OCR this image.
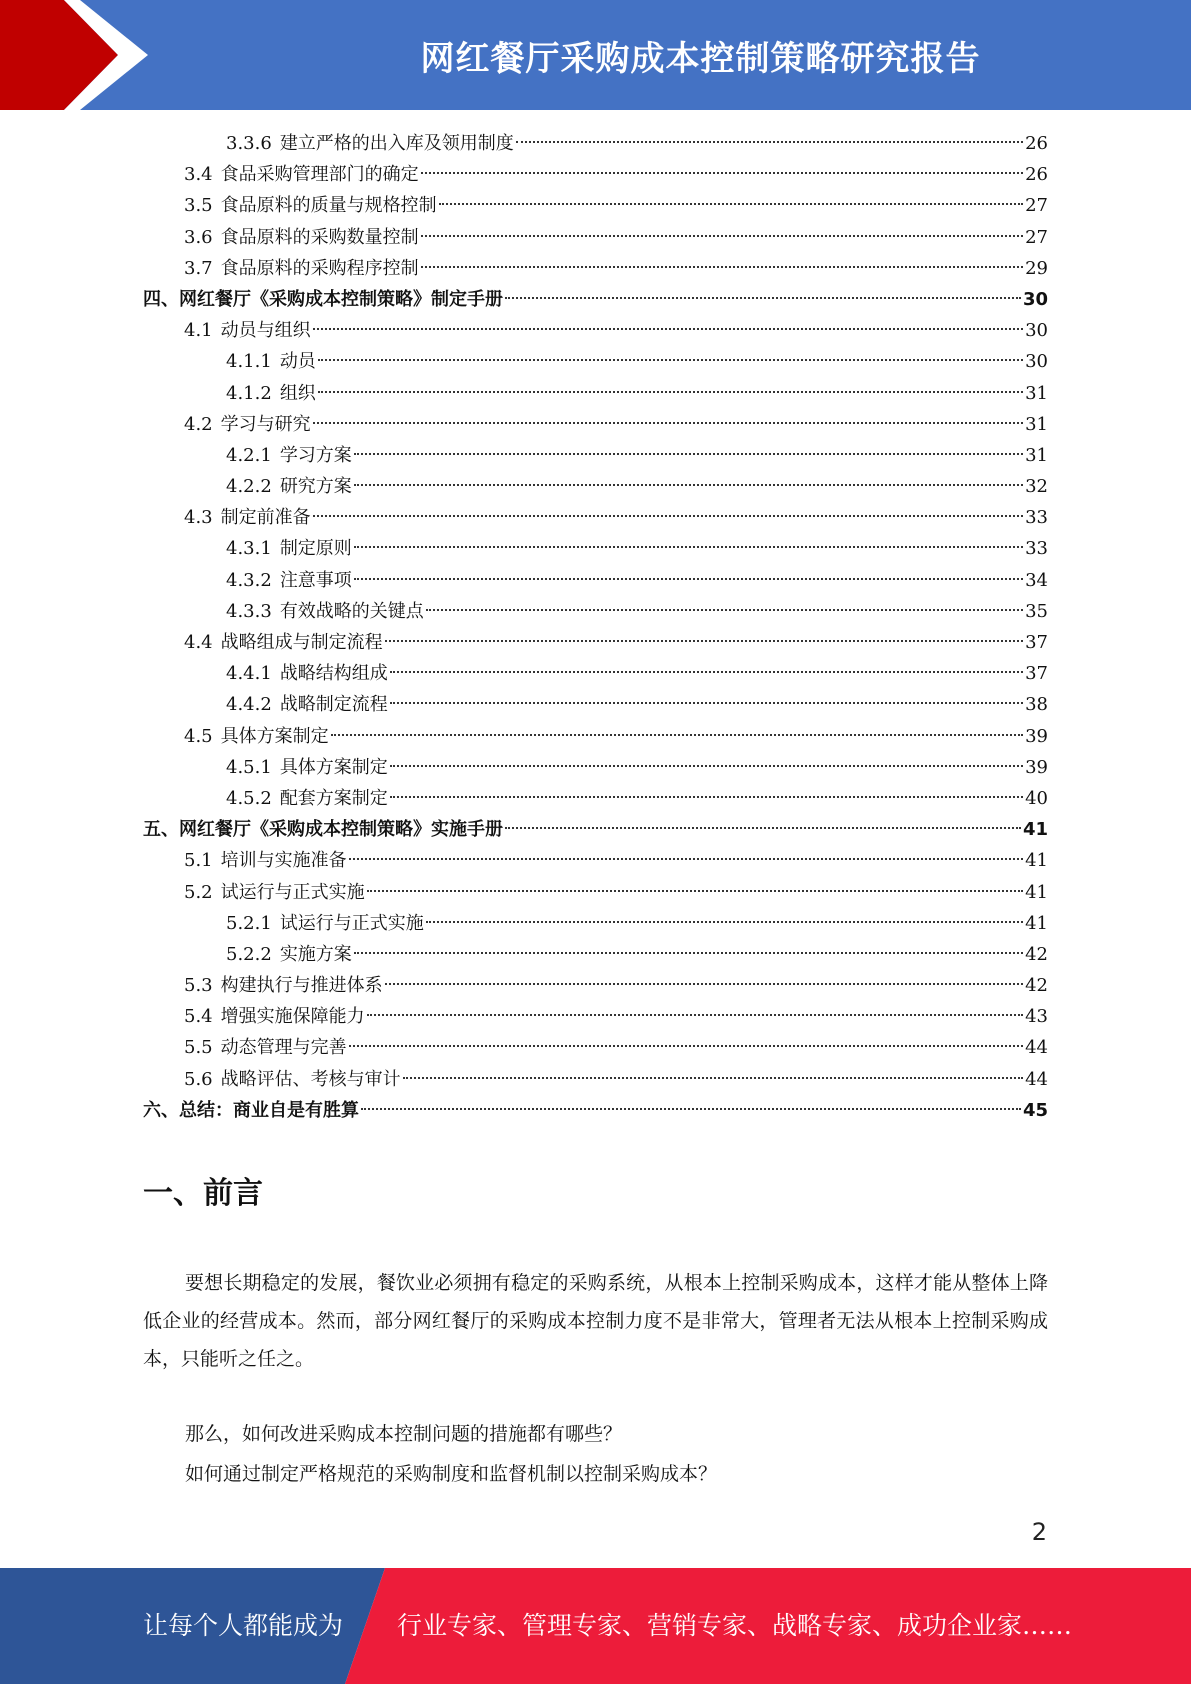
网红餐厅采购成本控制策略研究报告
3.3.6 建立严格的出入库及领用制度	26
3.4 食品采购管理部门的确定	26
3.5 食品原料的质量与规格控制	27
3.6 食品原料的采购数量控制	27
3.7 食品原料的采购程序控制	29
四、 网红餐厅《采购成本控制策略》制定手册	30
4.1 动员与组织	30
4.1.1 动员	30
4.1.2 组织	31
4.2 学习与研究	31
4.2.1 学习方案	31
4.2.2 研究方案	32
4.3 制定前准备	33
4.3.1 制定原则	33
4.3.2 注意事项	34
4.3.3 有效战略的关键点	35
4.4 战略组成与制定流程	37
4.4.1 战略结构组成	37
4.4.2 战略制定流程	38
4.5 具体方案制定	39
4.5.1 具体方案制定	39
4.5.2 配套方案制定	40
五、 网红餐厅《采购成本控制策略》实施手册	41
5.1 培训与实施准备	41
5.2 试运行与正式实施	41
5.2.1 试运行与正式实施	41
5.2.2 实施方案	42
5.3 构建执行与推进体系	42
5.4 增强实施保障能力	43
5.5 动态管理与完善	44
5.6 战略评估、考核与审计	44
六、 总结：商业自是有胜算	45
一、前言
要想长期稳定的发展，餐饮业必须拥有稳定的采购系统，从根本上控制采购成本，这样才能从整体上降低企业的经营成本。然而，部分网红餐厅的采购成本控制力度不是非常大，管理者无法从根本上控制采购成本，只能听之任之。
那么，如何改进采购成本控制问题的措施都有哪些？
如何通过制定严格规范的采购制度和监督机制以控制采购成本？
2
让每个人都能成为 行业专家、管理专家、营销专家、战略专家、成功企业家……
